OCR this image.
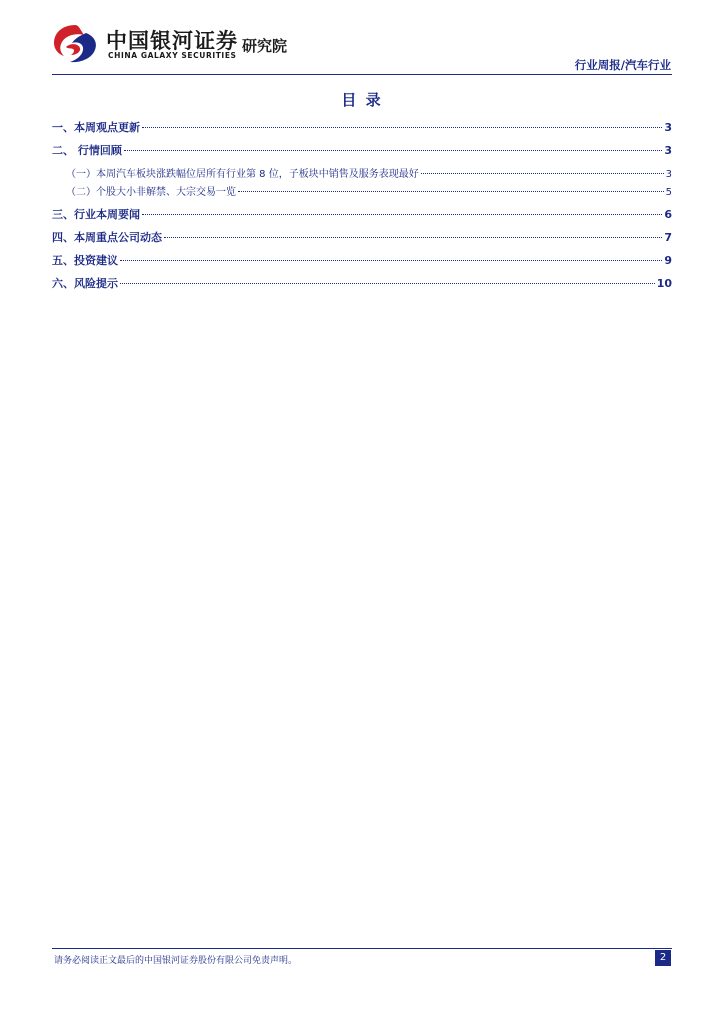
中国银河证券
CHINA GALAXY SECURITIES
研究院
行业周报/汽车行业
目 录
一、本周观点更新	3
二、 行情回顾	3
（一）本周汽车板块涨跌幅位居所有行业第 8 位，子板块中销售及服务表现最好	3
（二）个股大小非解禁、大宗交易一览	5
三、行业本周要闻	6
四、本周重点公司动态	7
五、投资建议	9
六、风险提示	10
请务必阅读正文最后的中国银河证券股份有限公司免责声明。	2
